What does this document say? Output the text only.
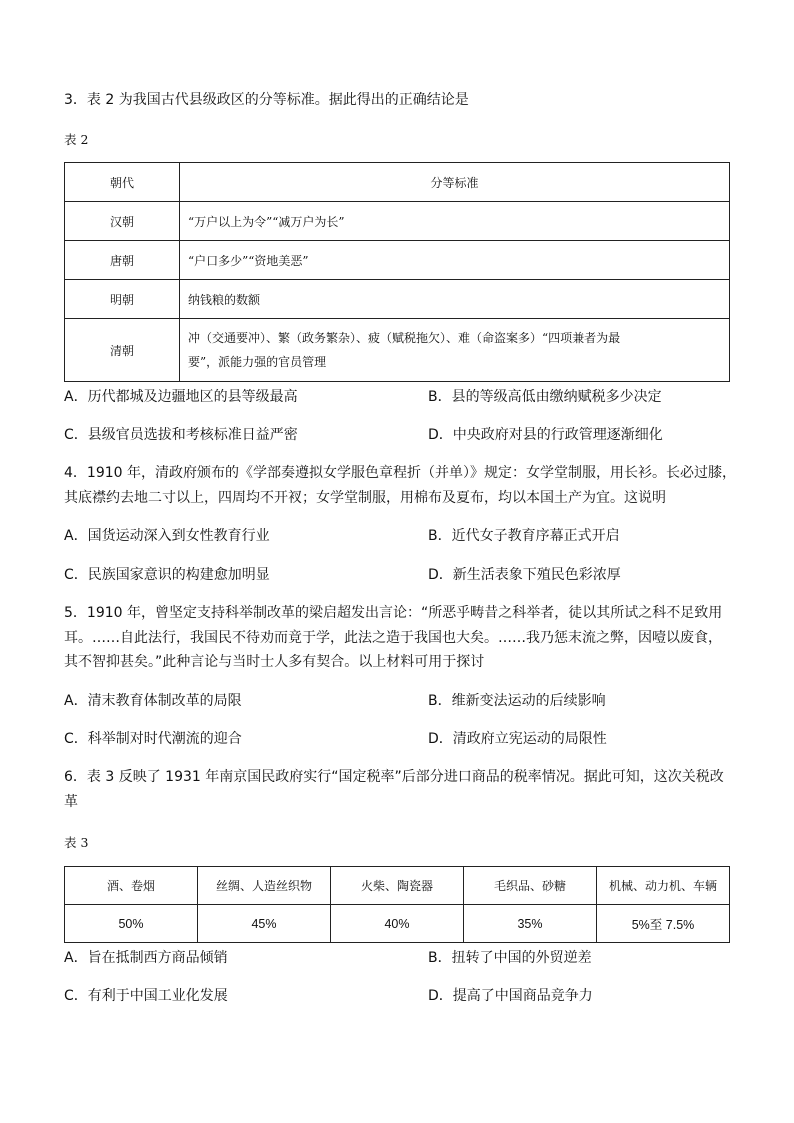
3．表 2 为我国古代县级政区的分等标准。据此得出的正确结论是
表 2
朝代	分等标准
汉朝	“万户以上为令”“减万户为长”
唐朝	“户口多少”“资地美恶”
明朝	纳钱粮的数额
清朝	冲（交通要冲）、繁（政务繁杂）、疲（赋税拖欠）、难（命盗案多）“四项兼者为最
要”，派能力强的官员管理
A．历代都城及边疆地区的县等级最高	B．县的等级高低由缴纳赋税多少决定
C．县级官员选拔和考核标准日益严密	D．中央政府对县的行政管理逐渐细化
4．1910 年，清政府颁布的《学部奏遵拟女学服色章程折（并单）》规定：女学堂制服，用长衫。长必过膝，
其底襟约去地二寸以上，四周均不开衩；女学堂制服，用棉布及夏布，均以本国土产为宜。这说明
A．国货运动深入到女性教育行业	B．近代女子教育序幕正式开启
C．民族国家意识的构建愈加明显	D．新生活表象下殖民色彩浓厚
5．1910 年，曾坚定支持科举制改革的梁启超发出言论：“所恶乎畴昔之科举者，徒以其所试之科不足致用
耳。……自此法行，我国民不待劝而竟于学，此法之造于我国也大矣。……我乃惩末流之弊，因噎以废食，
其不智抑甚矣。”此种言论与当时士人多有契合。以上材料可用于探讨
A．清末教育体制改革的局限	B．维新变法运动的后续影响
C．科举制对时代潮流的迎合	D．清政府立宪运动的局限性
6．表 3 反映了 1931 年南京国民政府实行“国定税率”后部分进口商品的税率情况。据此可知，这次关税改
革
表 3
酒、卷烟	丝绸、人造丝织物	火柴、陶瓷器	毛织品、砂糖	机械、动力机、车辆
50%	45%	40%	35%	5%至 7.5%
A．旨在抵制西方商品倾销	B．扭转了中国的外贸逆差
C．有利于中国工业化发展	D．提高了中国商品竞争力
